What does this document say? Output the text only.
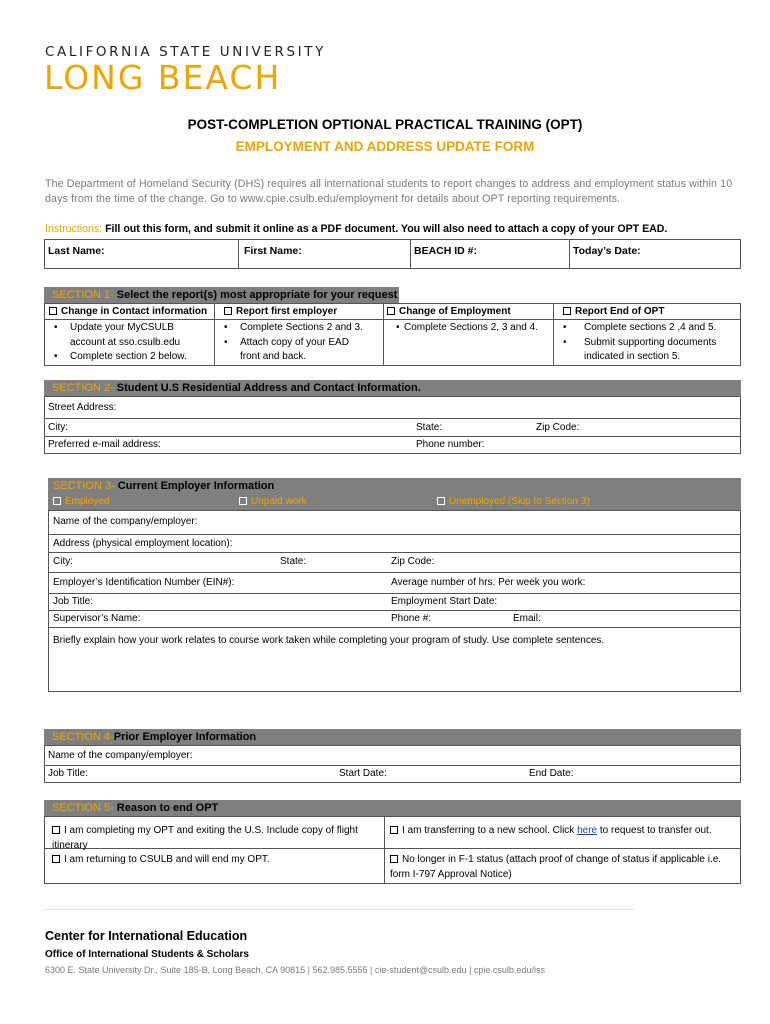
CALIFORNIA STATE UNIVERSITY
LONG BEACH
POST-COMPLETION OPTIONAL PRACTICAL TRAINING (OPT)
EMPLOYMENT AND ADDRESS UPDATE FORM
The Department of Homeland Security (DHS) requires all international students to report changes to address and employment status within 10 days from the time of the change. Go to www.cpie.csulb.edu/employment for details about OPT reporting requirements.
Instructions: Fill out this form, and submit it online as a PDF document. You will also need to attach a copy of your OPT EAD.
Last Name:	First Name:	BEACH ID #:	Today’s Date:
SECTION 1- Select the report(s) most appropriate for your request
Change in Contact information	Report first employer	Change of Employment	Report End of OPT
• Update your MyCSULB account at sso.csulb.edu
• Complete section 2 below.
• Complete Sections 2 and 3.
• Attach copy of your EAD front and back.
• Complete Sections 2, 3 and 4.
•	Complete sections 2 ,4 and 5.
• Submit supporting documents indicated in section 5.
SECTION 2- Student U.S Residential Address and Contact Information.
Street Address:
City:	State:	Zip Code:
Preferred e-mail address:	Phone number:
SECTION 3- Current Employer Information
Employed	Unpaid work	Unemployed (Skip to Section 3)
Name of the company/employer:
Address (physical employment location):
City:	State:	Zip Code:
Employer’s Identification Number (EIN#):	Average number of hrs. Per week you work:
Job Title:	Employment Start Date:
Supervisor’s Name:	Phone #:	Email:
Briefly explain how your work relates to course work taken while completing your program of study. Use complete sentences.
SECTION 4-Prior Employer Information
Name of the company/employer:
Job Title:	Start Date:	End Date:
SECTION 5- Reason to end OPT
I am completing my OPT and exiting the U.S. Include copy of flight itinerary
I am transferring to a new school. Click here to request to transfer out.
I am returning to CSULB and will end my OPT.	No longer in F-1 status (attach proof of change of status if applicable i.e. form I-797 Approval Notice)
Center for International Education
Office of International Students & Scholars
6300 E. State University Dr., Suite 185-B, Long Beach, CA 90815 | 562.985.5555 | cie-student@csulb.edu | cpie.csulb.edu/iss
